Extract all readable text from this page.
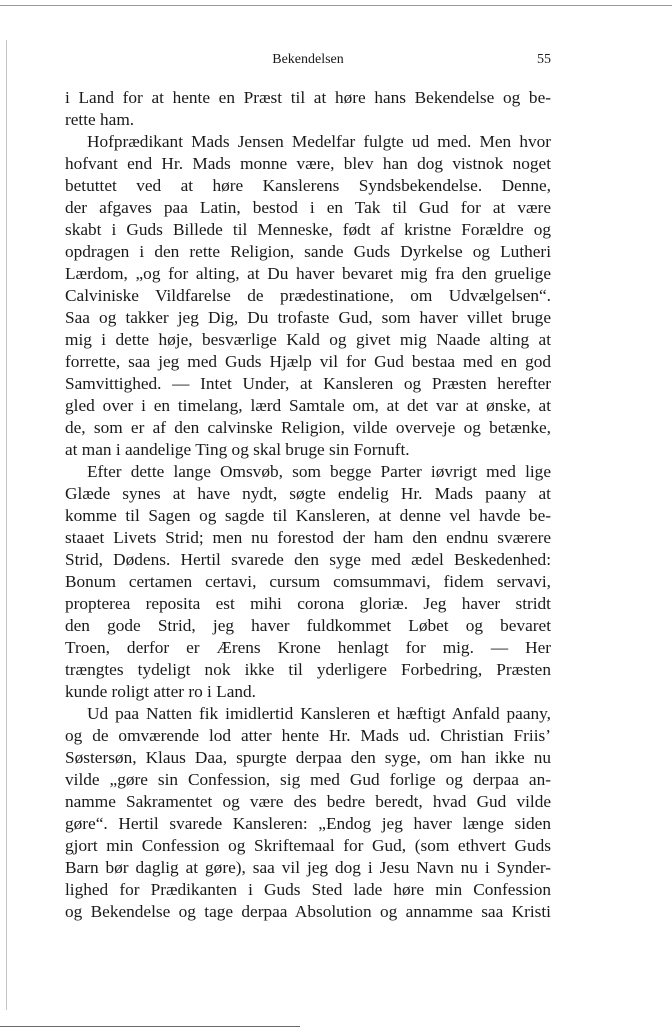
Bekendelsen	55
i Land for at hente en Præst til at høre hans Bekendelse og be-
rette ham.
Hofprædikant Mads Jensen Medelfar fulgte ud med. Men hvor
hofvant end Hr. Mads monne være, blev han dog vistnok noget
betuttet ved at høre Kanslerens Syndsbekendelse. Denne,
der afgaves paa Latin, bestod i en Tak til Gud for at være
skabt i Guds Billede til Menneske, født af kristne Forældre og
opdragen i den rette Religion, sande Guds Dyrkelse og Lutheri
Lærdom, „og for alting, at Du haver bevaret mig fra den gruelige
Calviniske Vildfarelse de prædestinatione, om Udvælgelsen“.
Saa og takker jeg Dig, Du trofaste Gud, som haver villet bruge
mig i dette høje, besværlige Kald og givet mig Naade alting at
forrette, saa jeg med Guds Hjælp vil for Gud bestaa med en god
Samvittighed. — Intet Under, at Kansleren og Præsten herefter
gled over i en timelang, lærd Samtale om, at det var at ønske, at
de, som er af den calvinske Religion, vilde overveje og betænke,
at man i aandelige Ting og skal bruge sin Fornuft.
Efter dette lange Omsvøb, som begge Parter iøvrigt med lige
Glæde synes at have nydt, søgte endelig Hr. Mads paany at
komme til Sagen og sagde til Kansleren, at denne vel havde be-
staaet Livets Strid; men nu forestod der ham den endnu sværere
Strid, Dødens. Hertil svarede den syge med ædel Beskedenhed:
Bonum certamen certavi, cursum comsummavi, fidem servavi,
propterea reposita est mihi corona gloriæ. Jeg haver stridt
den gode Strid, jeg haver fuldkommet Løbet og bevaret
Troen, derfor er Ærens Krone henlagt for mig. — Her
trængtes tydeligt nok ikke til yderligere Forbedring, Præsten
kunde roligt atter ro i Land.
Ud paa Natten fik imidlertid Kansleren et hæftigt Anfald paany,
og de omværende lod atter hente Hr. Mads ud. Christian Friis’
Søstersøn, Klaus Daa, spurgte derpaa den syge, om han ikke nu
vilde „gøre sin Confession, sig med Gud forlige og derpaa an-
namme Sakramentet og være des bedre beredt, hvad Gud vilde
gøre“. Hertil svarede Kansleren: „Endog jeg haver længe siden
gjort min Confession og Skriftemaal for Gud, (som ethvert Guds
Barn bør daglig at gøre), saa vil jeg dog i Jesu Navn nu i Synder-
lighed for Prædikanten i Guds Sted lade høre min Confession
og Bekendelse og tage derpaa Absolution og annamme saa Kristi
